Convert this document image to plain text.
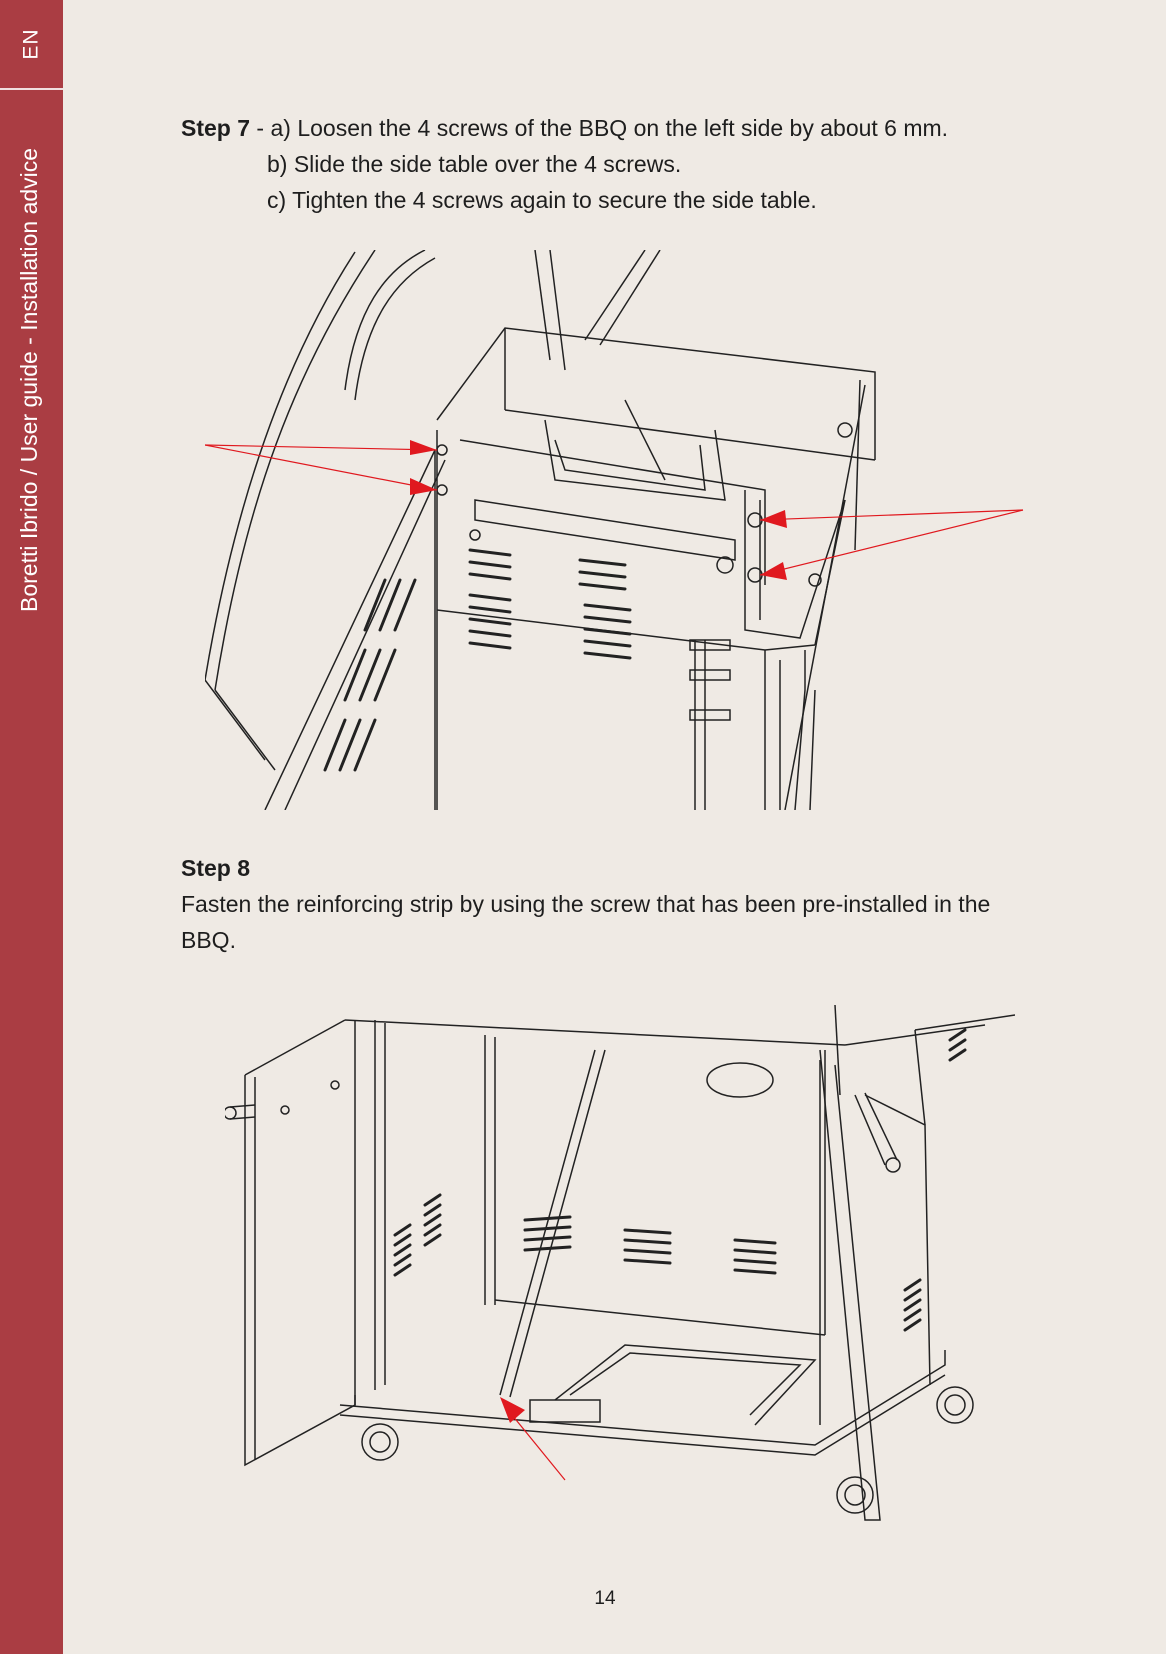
EN
Boretti Ibrido / User guide - Installation advice
Step 7 - a) Loosen the 4 screws of the BBQ on the left side by about 6 mm.
b) Slide the side table over the 4 screws.
c) Tighten the 4 screws again to secure the side table.
Step 8
Fasten the reinforcing strip by using the screw that has been pre-installed in the BBQ.
14
